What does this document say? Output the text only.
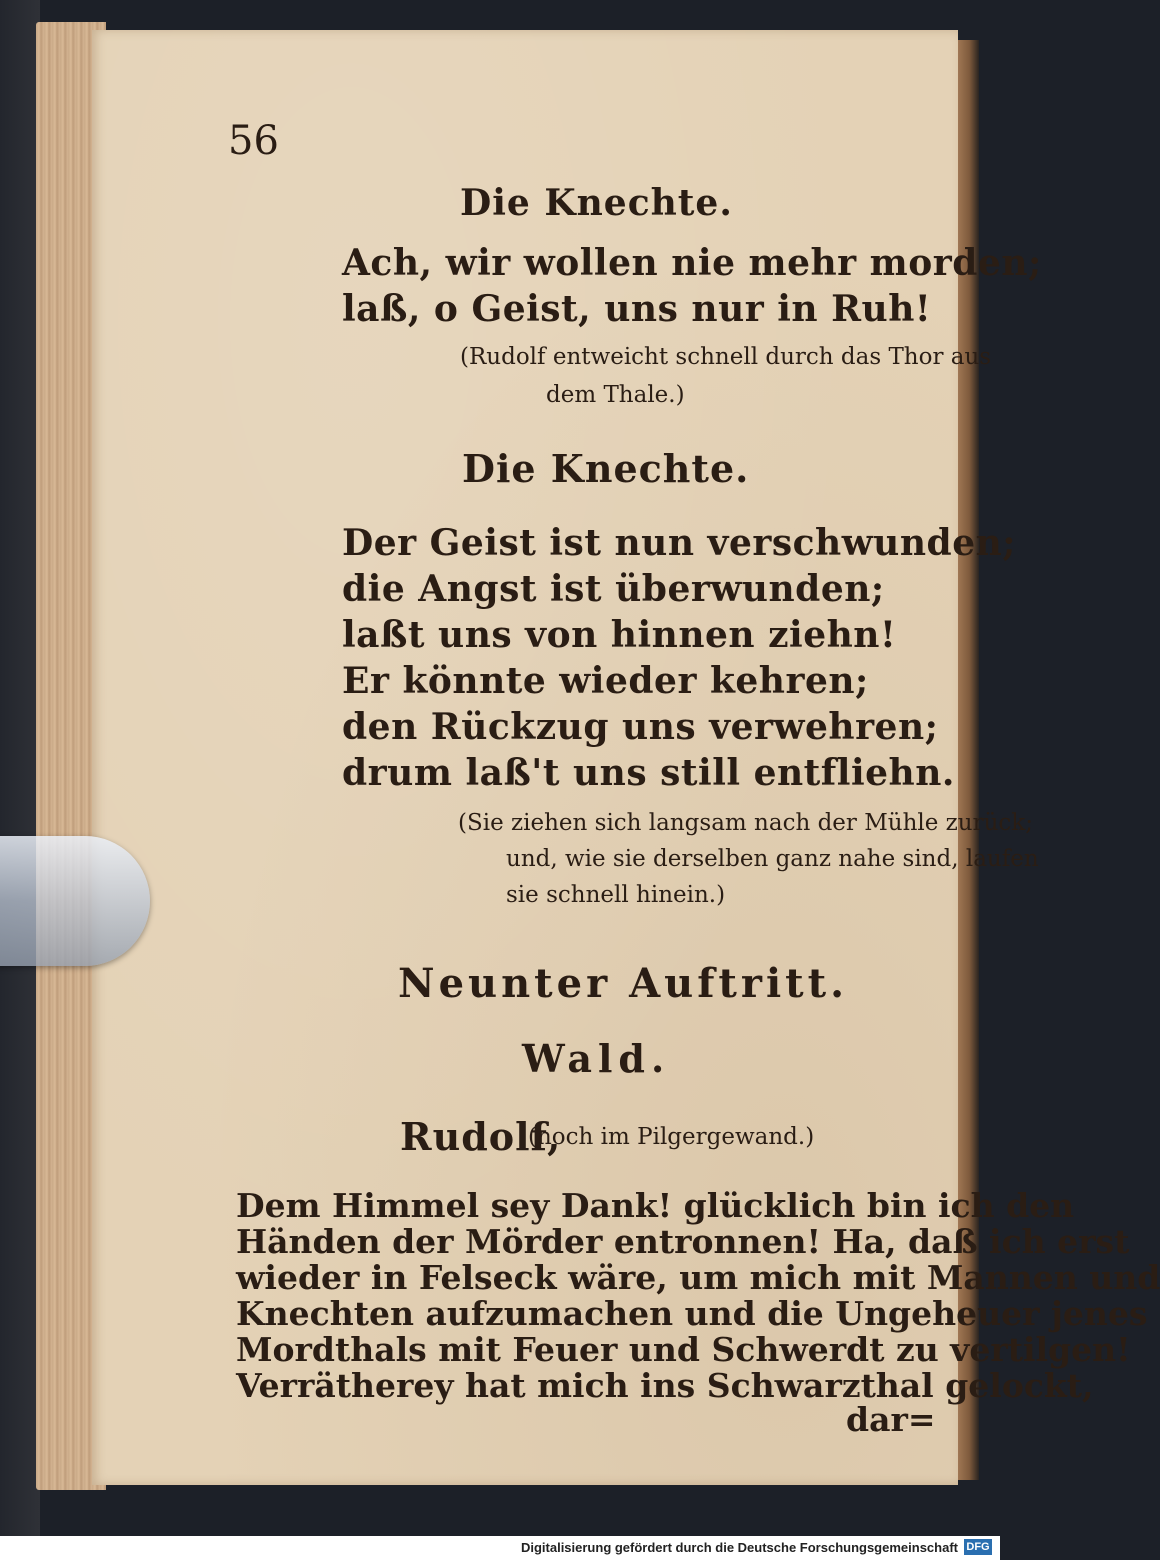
56
Die Knechte.
Ach, wir wollen nie mehr morden;
laß, o Geist, uns nur in Ruh!
(Rudolf entweicht schnell durch das Thor aus
dem Thale.)
Die Knechte.
Der Geist ist nun verschwunden;
die Angst ist überwunden;
laßt uns von hinnen ziehn!
Er könnte wieder kehren;
den Rückzug uns verwehren;
drum laß't uns still entfliehn.
(Sie ziehen sich langsam nach der Mühle zurück;
und, wie sie derselben ganz nahe sind, laufen
sie schnell hinein.)
Neunter Auftritt.
Wald.
Rudolf,
(noch im Pilgergewand.)
Dem Himmel sey Dank! glücklich bin ich den
Händen der Mörder entronnen! Ha, daß ich erst
wieder in Felseck wäre, um mich mit Mannen und
Knechten aufzumachen und die Ungeheuer jenes
Mordthals mit Feuer und Schwerdt zu vertilgen!
Verrätherey hat mich ins Schwarzthal gelockt,
dar=
Digitalisierung gefördert durch die Deutsche Forschungsgemeinschaft DFG
